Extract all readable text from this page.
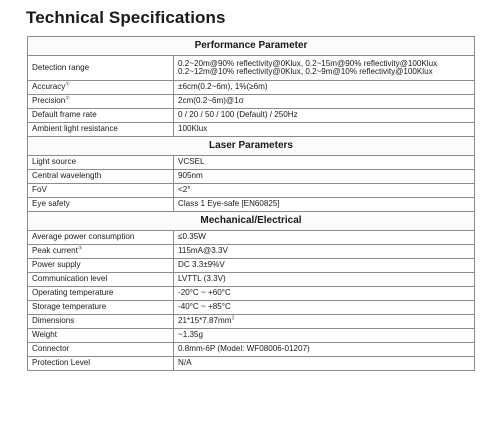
Technical Specifications
Performance Parameter	
Detection range	0.2~20m@90% reflectivity@0Klux, 0.2~15m@90% reflectivity@100Klux
0.2~12m@10% reflectivity@0Klux, 0.2~9m@10% reflectivity@100Klux

Accuracy①	±6cm(0.2~6m), 1%(≥6m)

Precision②	2cm(0.2~6m)@1σ

Default frame rate	0 / 20 / 50 / 100 (Default) / 250Hz

Ambient light resistance	100Klux

Laser Parameters	
Light source	VCSEL

Central wavelength	905nm

FoV	<2°

Eye safety	Class 1 Eye-safe [EN60825]

Mechanical/Electrical	
Average power consumption	≤0.35W

Peak current③	115mA@3.3V

Power supply	DC 3.3±9%V

Communication level	LVTTL (3.3V)

Operating temperature	-20°C ~ +60°C

Storage temperature	-40°C ~ +85°C

Dimensions	$21*15*7.87mm^3$

Weight	~1.35g

Connector	0.8mm-6P (Model: WF08006-01207)

Protection Level	N/A
